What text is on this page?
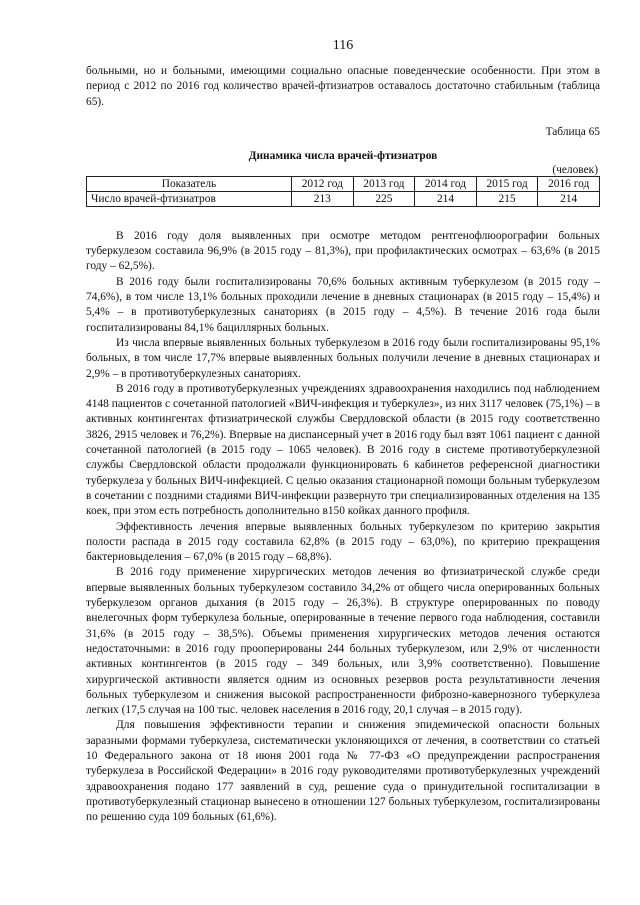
116

больными, но и больными, имеющими социально опасные поведенческие особенности. При этом в период с 2012 по 2016 год количество врачей-фтизиатров оставалось достаточно стабильным (таблица 65).

Таблица 65
Динамика числа врачей-фтизиатров
(человек)
Показатель	2012 год	2013 год	2014 год	2015 год	2016 год
Число врачей-фтизиатров	213	225	214	215	214

В 2016 году доля выявленных при осмотре методом рентгенофлюорографии больных туберкулезом составила 96,9% (в 2015 году – 81,3%), при профилактических осмотрах – 63,6% (в 2015 году – 62,5%).

В 2016 году были госпитализированы 70,6% больных активным туберкулезом (в 2015 году – 74,6%), в том числе 13,1% больных проходили лечение в дневных стационарах (в 2015 году – 15,4%) и 5,4% – в противотуберкулезных санаториях (в 2015 году – 4,5%). В течение 2016 года были госпитализированы 84,1% бациллярных больных.

Из числа впервые выявленных больных туберкулезом в 2016 году были госпитализированы 95,1% больных, в том числе 17,7% впервые выявленных больных получили лечение в дневных стационарах и 2,9% – в противотуберкулезных санаториях.

В 2016 году в противотуберкулезных учреждениях здравоохранения находились под наблюдением 4148 пациентов с сочетанной патологией «ВИЧ-инфекция и туберкулез», из них 3117 человек (75,1%) – в активных контингентах фтизиатрической службы Свердловской области (в 2015 году соответственно 3826, 2915 человек и 76,2%). Впервые на диспансерный учет в 2016 году был взят 1061 пациент с данной сочетанной патологией (в 2015 году – 1065 человек). В 2016 году в системе противотуберкулезной службы Свердловской области продолжали функционировать 6 кабинетов референсной диагностики туберкулеза у больных ВИЧ-инфекцией. С целью оказания стационарной помощи больным туберкулезом в сочетании с поздними стадиями ВИЧ-инфекции развернуто три специализированных отделения на 135 коек, при этом есть потребность дополнительно в150 койках данного профиля.

Эффективность лечения впервые выявленных больных туберкулезом по критерию закрытия полости распада в 2015 году составила 62,8% (в 2015 году – 63,0%), по критерию прекращения бактериовыделения – 67,0% (в 2015 году – 68,8%).

В 2016 году применение хирургических методов лечения во фтизиатрической службе среди впервые выявленных больных туберкулезом составило 34,2% от общего числа оперированных больных туберкулезом органов дыхания (в 2015 году – 26,3%). В структуре оперированных по поводу внелегочных форм туберкулеза больные, оперированные в течение первого года наблюдения, составили 31,6% (в 2015 году – 38,5%). Объемы применения хирургических методов лечения остаются недостаточными: в 2016 году прооперированы 244 больных туберкулезом, или 2,9% от численности активных контингентов (в 2015 году – 349 больных, или 3,9% соответственно). Повышение хирургической активности является одним из основных резервов роста результативности лечения больных туберкулезом и снижения высокой распространенности фиброзно-кавернозного туберкулеза легких (17,5 случая на 100 тыс. человек населения в 2016 году, 20,1 случая – в 2015 году).

Для повышения эффективности терапии и снижения эпидемической опасности больных заразными формами туберкулеза, систематически уклоняющихся от лечения, в соответствии со статьей 10 Федерального закона от 18 июня 2001 года № 77-ФЗ «О предупреждении распространения туберкулеза в Российской Федерации» в 2016 году руководителями противотуберкулезных учреждений здравоохранения подано 177 заявлений в суд, решение суда о принудительной госпитализации в противотуберкулезный стационар вынесено в отношении 127 больных туберкулезом, госпитализированы по решению суда 109 больных (61,6%).
